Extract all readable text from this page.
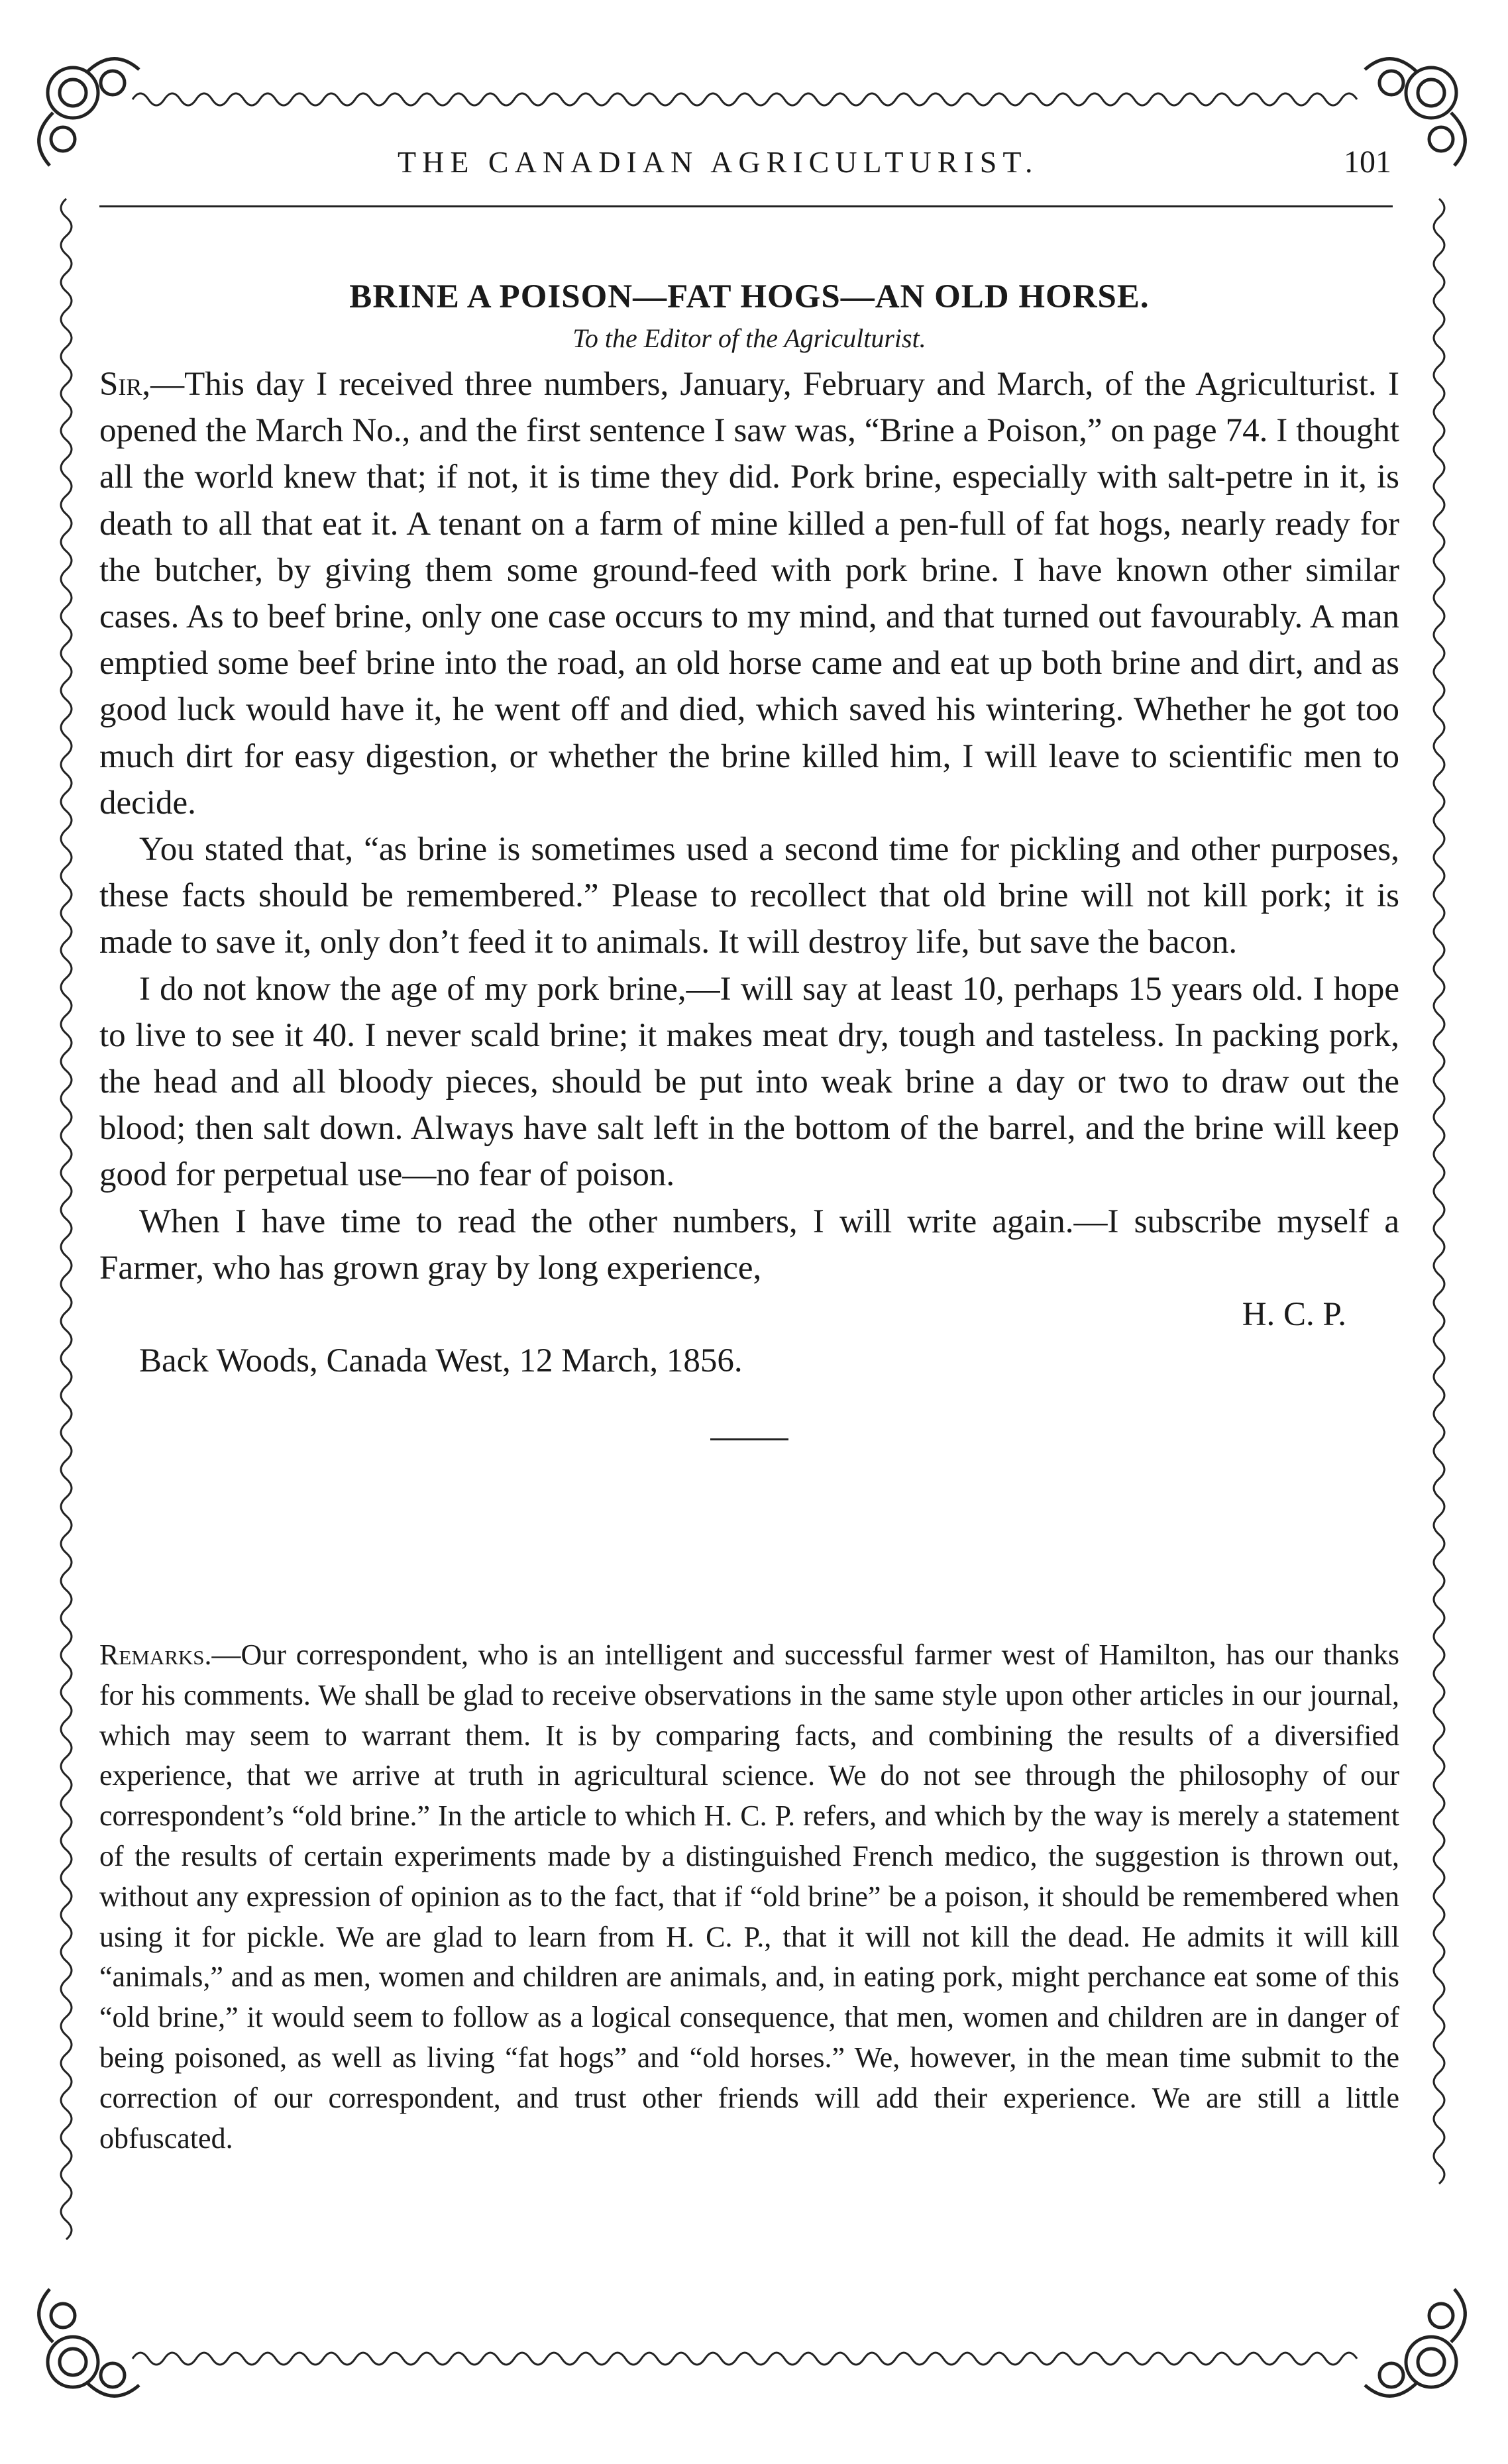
THE CANADIAN AGRICULTURIST.	101
BRINE A POISON—FAT HOGS—AN OLD HORSE.

To the Editor of the Agriculturist.

Sir,—This day I received three numbers, January, February and March, of the Agriculturist. I opened the March No., and the first sentence I saw was, “Brine a Poison,” on page 74. I thought all the world knew that; if not, it is time they did. Pork brine, especially with salt-petre in it, is death to all that eat it. A tenant on a farm of mine killed a pen-full of fat hogs, nearly ready for the butcher, by giving them some ground-feed with pork brine. I have known other similar cases. As to beef brine, only one case occurs to my mind, and that turned out favourably. A man emptied some beef brine into the road, an old horse came and eat up both brine and dirt, and as good luck would have it, he went off and died, which saved his wintering. Whether he got too much dirt for easy digestion, or whether the brine killed him, I will leave to scientific men to decide.

You stated that, “as brine is sometimes used a second time for pickling and other purposes, these facts should be remembered.” Please to recollect that old brine will not kill pork; it is made to save it, only don’t feed it to animals. It will destroy life, but save the bacon.

I do not know the age of my pork brine,—I will say at least 10, perhaps 15 years old. I hope to live to see it 40. I never scald brine; it makes meat dry, tough and tasteless. In packing pork, the head and all bloody pieces, should be put into weak brine a day or two to draw out the blood; then salt down. Always have salt left in the bottom of the barrel, and the brine will keep good for perpetual use—no fear of poison.

When I have time to read the other numbers, I will write again.—I subscribe myself a Farmer, who has grown gray by long experience,

H. C. P.

Back Woods, Canada West, 12 March, 1856.

Remarks.—Our correspondent, who is an intelligent and successful farmer west of Hamilton, has our thanks for his comments. We shall be glad to receive observations in the same style upon other articles in our journal, which may seem to warrant them. It is by comparing facts, and combining the results of a diversified experience, that we arrive at truth in agricultural science. We do not see through the philosophy of our correspondent’s “old brine.” In the article to which H. C. P. refers, and which by the way is merely a statement of the results of certain experiments made by a distinguished French medico, the suggestion is thrown out, without any expression of opinion as to the fact, that if “old brine” be a poison, it should be remembered when using it for pickle. We are glad to learn from H. C. P., that it will not kill the dead. He admits it will kill “animals,” and as men, women and children are animals, and, in eating pork, might perchance eat some of this “old brine,” it would seem to follow as a logical consequence, that men, women and children are in danger of being poisoned, as well as living “fat hogs” and “old horses.” We, however, in the mean time submit to the correction of our correspondent, and trust other friends will add their experience. We are still a little obfuscated.
